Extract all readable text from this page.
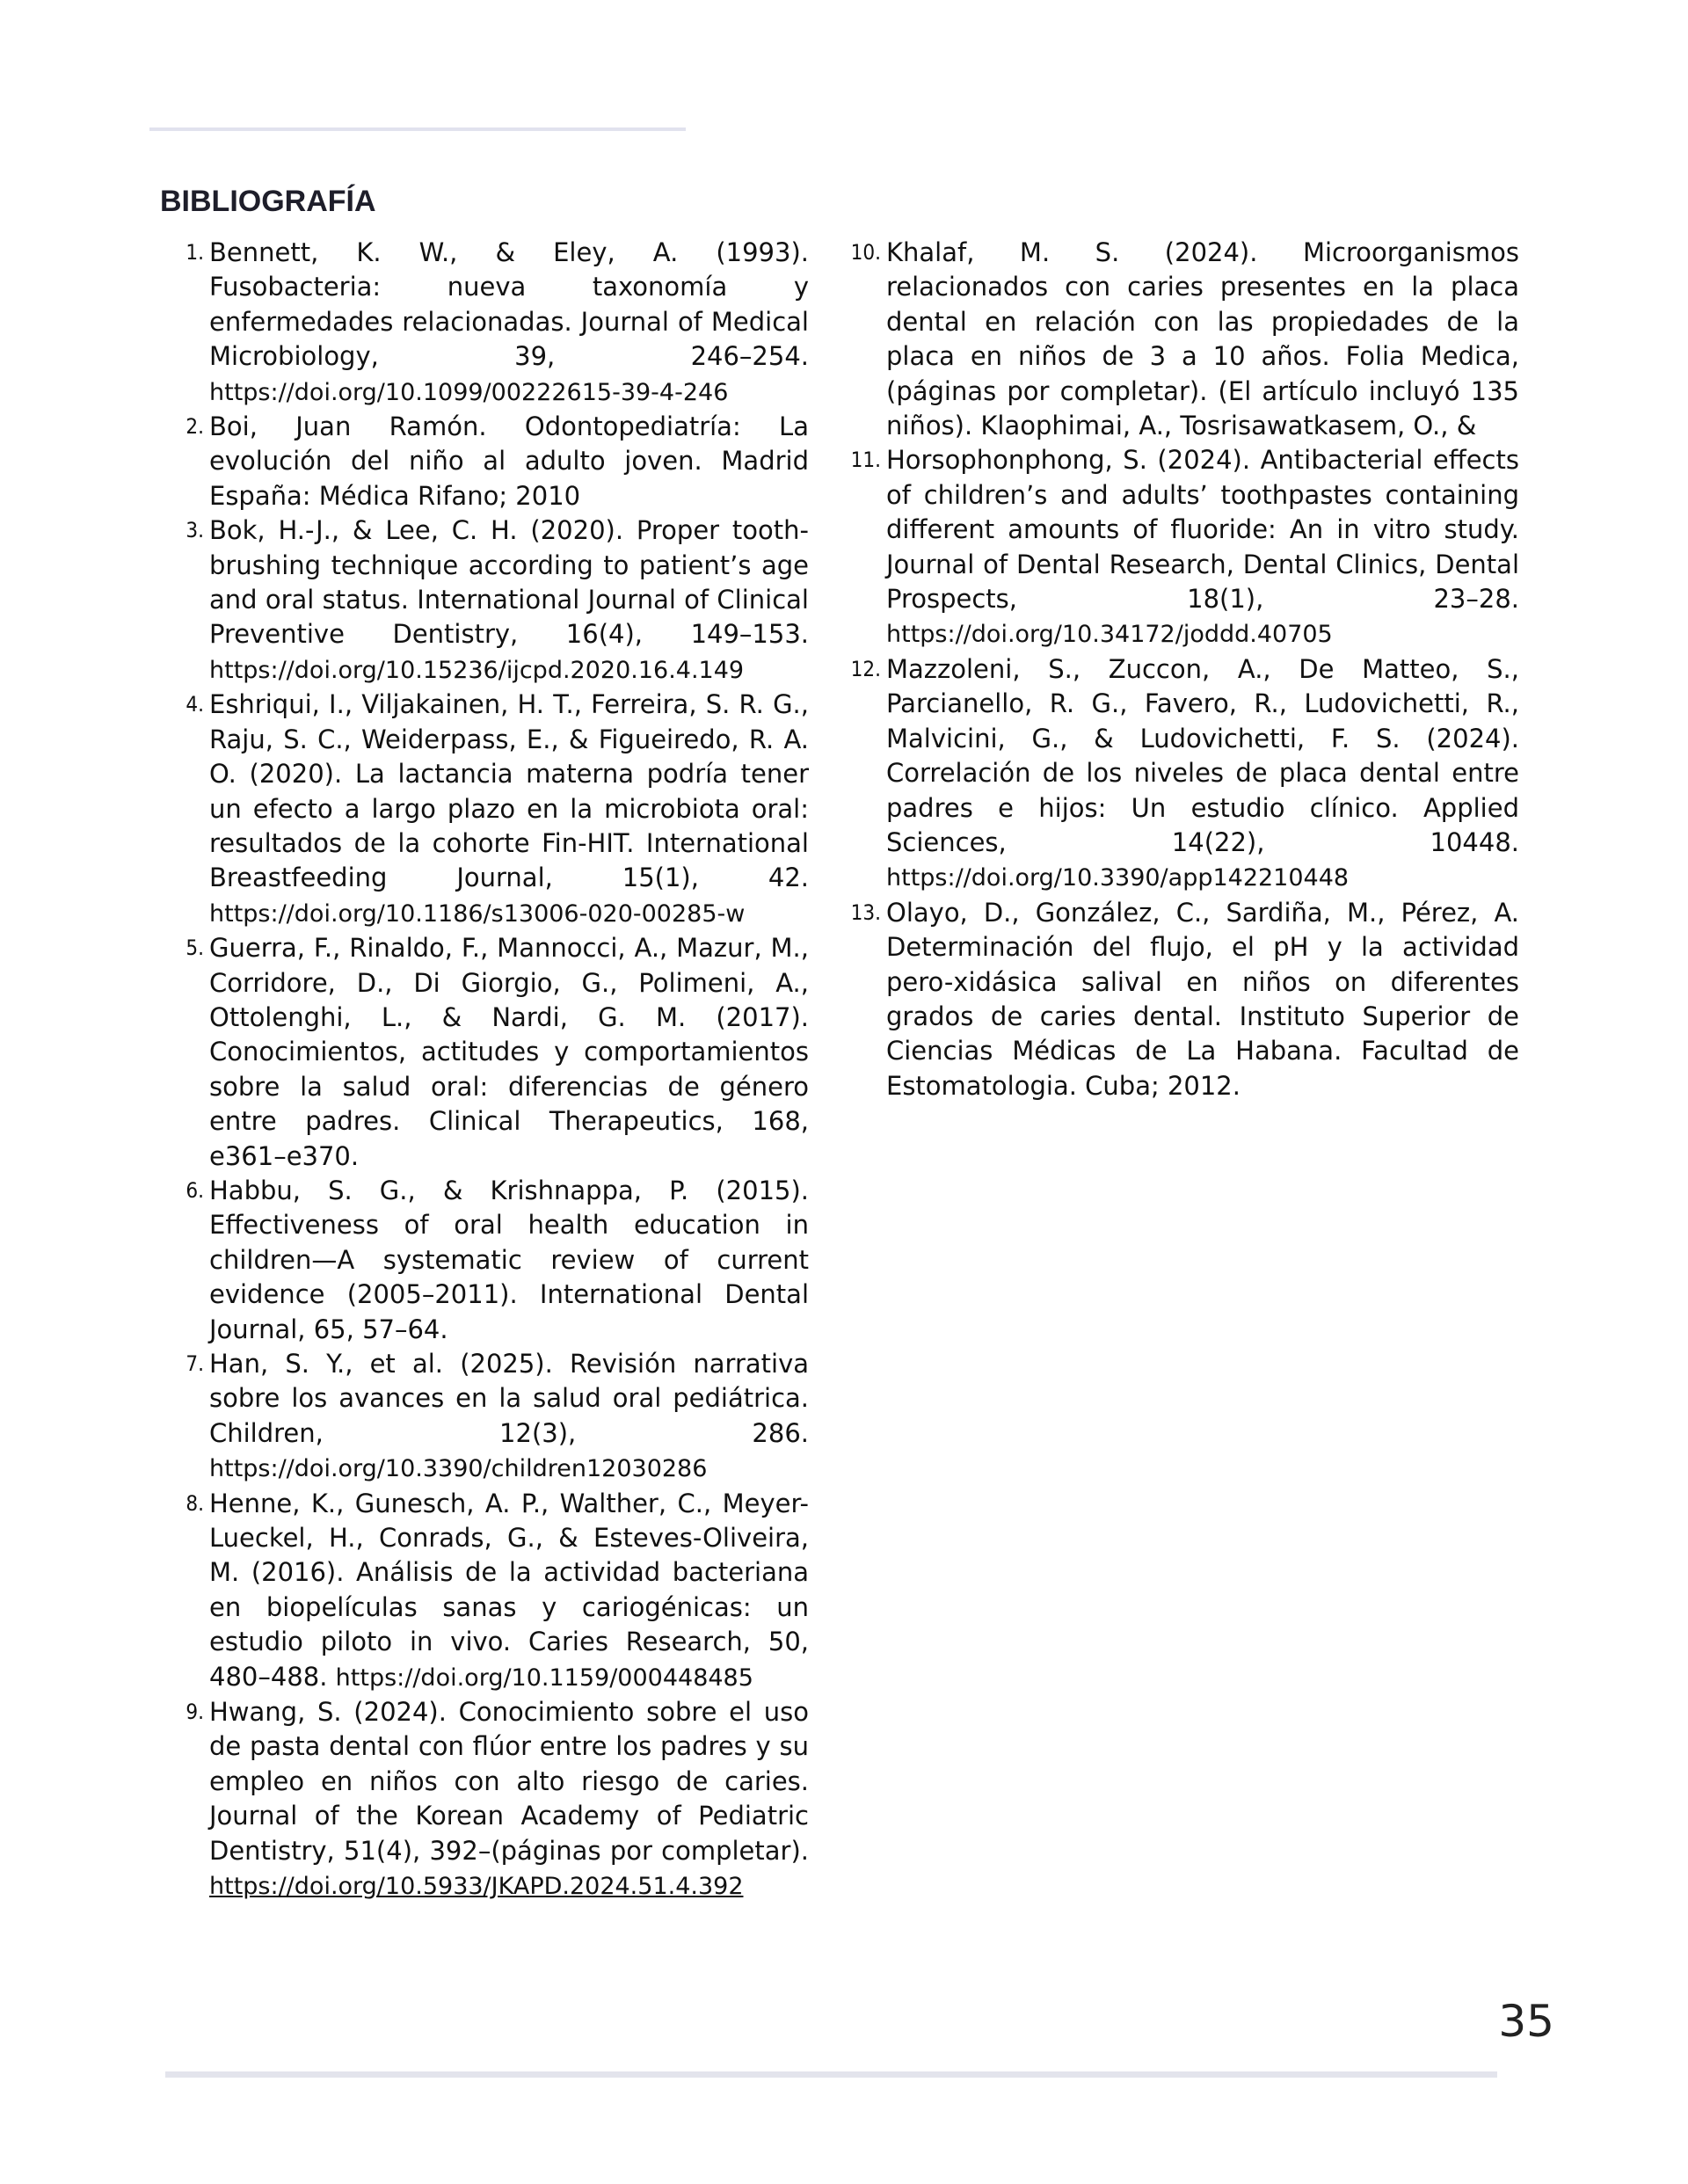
BIBLIOGRAFÍA
1. Bennett, K. W., & Eley, A. (1993). Fusobacteria: nueva taxonomía y enfermedades relacionadas. Journal of Medical Microbiology, 39, 246–254. https://doi.org/10.1099/00222615-39-4-246
2. Boi, Juan Ramón. Odontopediatría: La evolución del niño al adulto joven. Madrid España: Médica Rifano; 2010
3. Bok, H.-J., & Lee, C. H. (2020). Proper tooth-brushing technique according to patient’s age and oral status. International Journal of Clinical Preventive Dentistry, 16(4), 149–153. https://doi.org/10.15236/ijcpd.2020.16.4.149
4. Eshriqui, I., Viljakainen, H. T., Ferreira, S. R. G., Raju, S. C., Weiderpass, E., & Figueiredo, R. A. O. (2020). La lactancia materna podría tener un efecto a largo plazo en la microbiota oral: resultados de la cohorte Fin-HIT. International Breastfeeding Journal, 15(1), 42. https://doi.org/10.1186/s13006-020-00285-w
5. Guerra, F., Rinaldo, F., Mannocci, A., Mazur, M., Corridore, D., Di Giorgio, G., Polimeni, A., Ottolenghi, L., & Nardi, G. M. (2017). Conocimientos, actitudes y comportamientos sobre la salud oral: diferencias de género entre padres. Clinical Therapeutics, 168, e361–e370.
6. Habbu, S. G., & Krishnappa, P. (2015). Effectiveness of oral health education in children—A systematic review of current evidence (2005–2011). International Dental Journal, 65, 57–64.
7. Han, S. Y., et al. (2025). Revisión narrativa sobre los avances en la salud oral pediátrica. Children, 12(3), 286. https://doi.org/10.3390/children12030286
8. Henne, K., Gunesch, A. P., Walther, C., Meyer-Lueckel, H., Conrads, G., & Esteves-Oliveira, M. (2016). Análisis de la actividad bacteriana en biopelículas sanas y cariogénicas: un estudio piloto in vivo. Caries Research, 50, 480–488. https://doi.org/10.1159/000448485
9. Hwang, S. (2024). Conocimiento sobre el uso de pasta dental con flúor entre los padres y su empleo en niños con alto riesgo de caries. Journal of the Korean Academy of Pediatric Dentistry, 51(4), 392–(páginas por completar). https://doi.org/10.5933/JKAPD.2024.51.4.392
10. Khalaf, M. S. (2024). Microorganismos relacionados con caries presentes en la placa dental en relación con las propiedades de la placa en niños de 3 a 10 años. Folia Medica, (páginas por completar). (El artículo incluyó 135 niños). Klaophimai, A., Tosrisawatkasem, O., &
11. Horsophonphong, S. (2024). Antibacterial effects of children’s and adults’ toothpastes containing different amounts of fluoride: An in vitro study. Journal of Dental Research, Dental Clinics, Dental Prospects, 18(1), 23–28. https://doi.org/10.34172/joddd.40705
12. Mazzoleni, S., Zuccon, A., De Matteo, S., Parcianello, R. G., Favero, R., Ludovichetti, R., Malvicini, G., & Ludovichetti, F. S. (2024). Correlación de los niveles de placa dental entre padres e hijos: Un estudio clínico. Applied Sciences, 14(22), 10448. https://doi.org/10.3390/app142210448
13. Olayo, D., González, C., Sardiña, M., Pérez, A. Determinación del flujo, el pH y la actividad pero-xidásica salival en niños on diferentes grados de caries dental. Instituto Superior de Ciencias Médicas de La Habana. Facultad de Estomatologia. Cuba; 2012.
35
